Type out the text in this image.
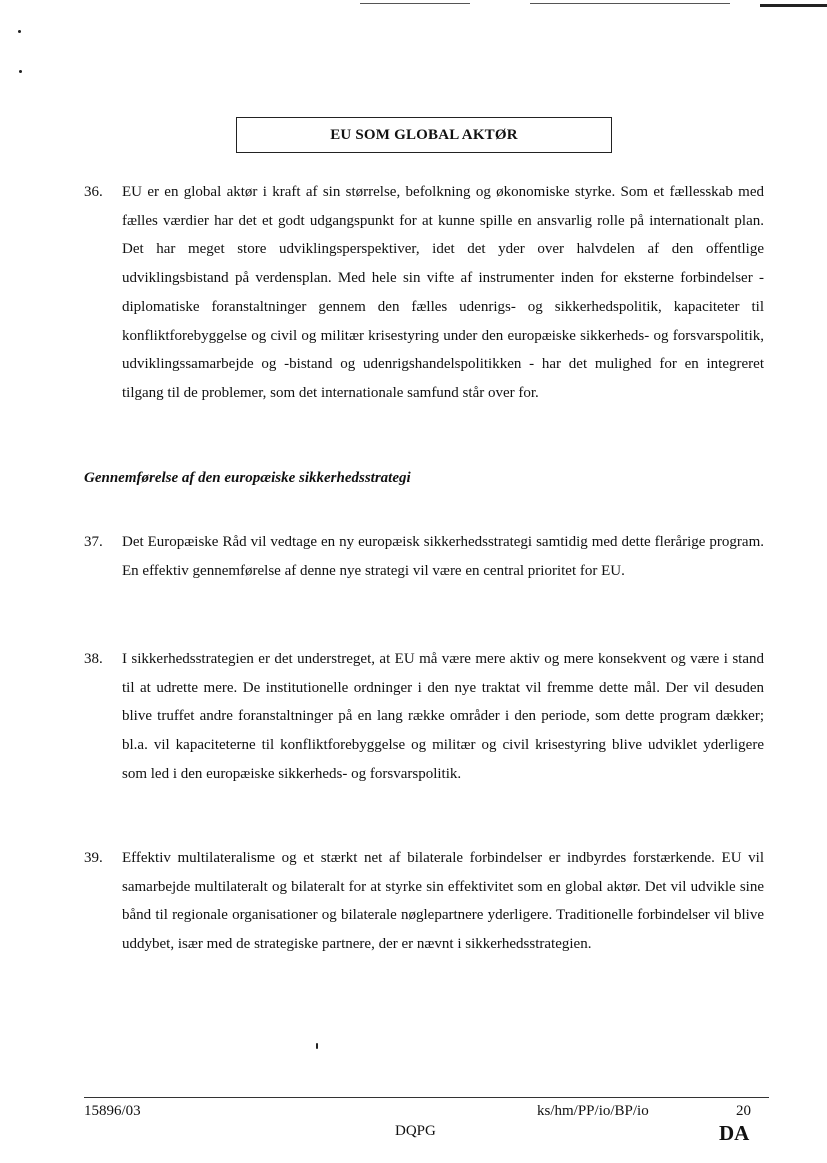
EU SOM GLOBAL AKTØR
36.	EU er en global aktør i kraft af sin størrelse, befolkning og økonomiske styrke. Som et fællesskab med fælles værdier har det et godt udgangspunkt for at kunne spille en ansvarlig rolle på internationalt plan. Det har meget store udviklingsperspektiver, idet det yder over halvdelen af den offentlige udviklingsbistand på verdensplan. Med hele sin vifte af instrumenter inden for eksterne forbindelser - diplomatiske foranstaltninger gennem den fælles udenrigs- og sikkerhedspolitik, kapaciteter til konfliktforebyggelse og civil og militær krisestyring under den europæiske sikkerheds- og forsvarspolitik, udviklingssamarbejde og -bistand og udenrigshandelspolitikken - har det mulighed for en integreret tilgang til de problemer, som det internationale samfund står over for.
Gennemførelse af den europæiske sikkerhedsstrategi
37.	Det Europæiske Råd vil vedtage en ny europæisk sikkerhedsstrategi samtidig med dette flerårige program. En effektiv gennemførelse af denne nye strategi vil være en central prioritet for EU.
38.	I sikkerhedsstrategien er det understreget, at EU må være mere aktiv og mere konsekvent og være i stand til at udrette mere. De institutionelle ordninger i den nye traktat vil fremme dette mål. Der vil desuden blive truffet andre foranstaltninger på en lang række områder i den periode, som dette program dækker; bl.a. vil kapaciteterne til konfliktforebyggelse og militær og civil krisestyring blive udviklet yderligere som led i den europæiske sikkerheds- og forsvarspolitik.
39.	Effektiv multilateralisme og et stærkt net af bilaterale forbindelser er indbyrdes forstærkende. EU vil samarbejde multilateralt og bilateralt for at styrke sin effektivitet som en global aktør. Det vil udvikle sine bånd til regionale organisationer og bilaterale nøglepartnere yderligere. Traditionelle forbindelser vil blive uddybet, især med de strategiske partnere, der er nævnt i sikkerhedsstrategien.
15896/03	ks/hm/PP/io/BP/io	20
DQPG	DA
